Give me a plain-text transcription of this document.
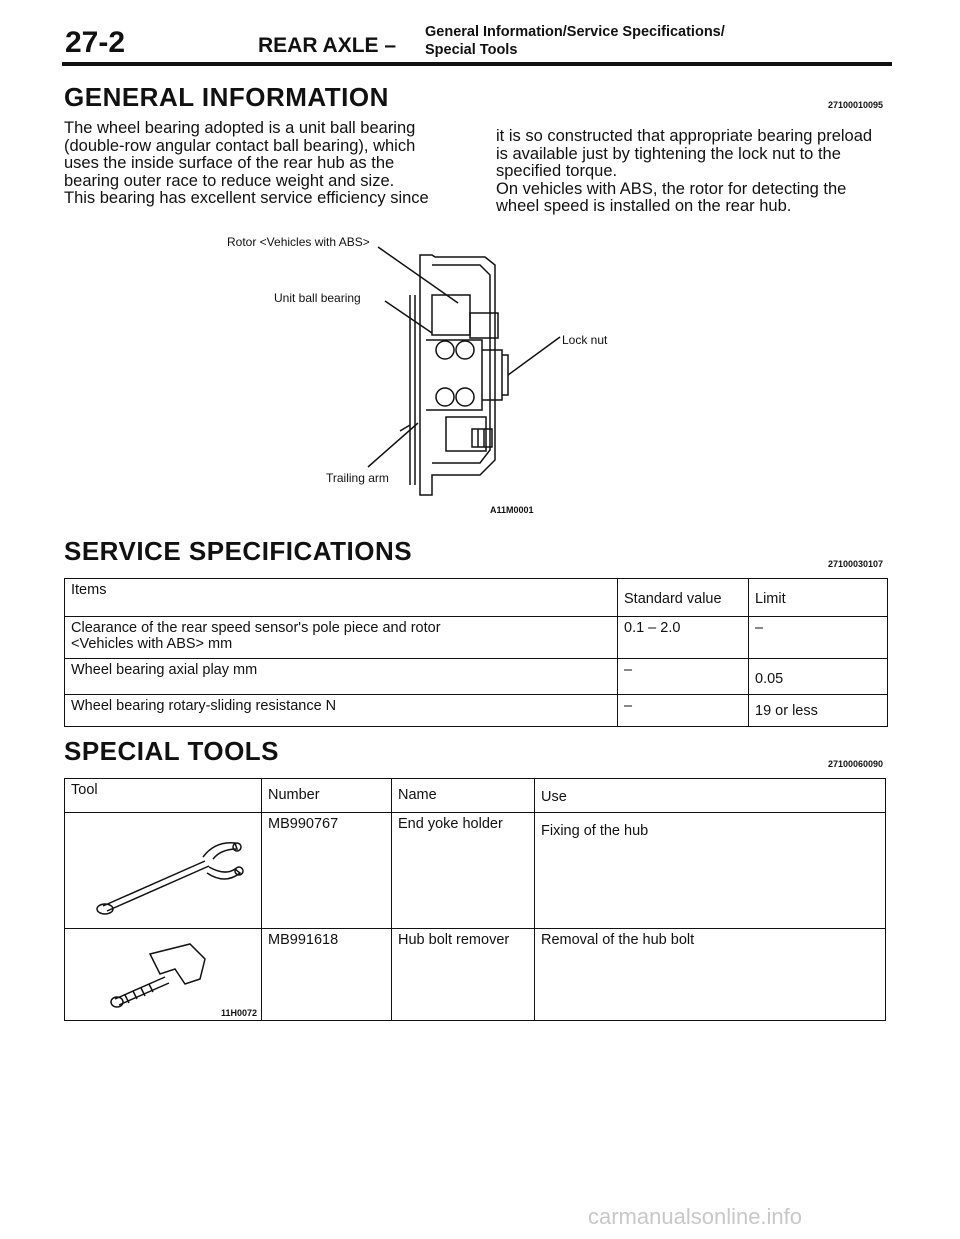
27-2	REAR AXLE –
General Information/Service Specifications/
Special Tools
GENERAL INFORMATION	27100010095
The wheel bearing adopted is a unit ball bearing
(double-row angular contact ball bearing), which
uses the inside surface of the rear hub as the
bearing outer race to reduce weight and size.
This bearing has excellent service efficiency since
it is so constructed that appropriate bearing preload
is available just by tightening the lock nut to the
specified torque.
On vehicles with ABS, the rotor for detecting the
wheel speed is installed on the rear hub.
Rotor <Vehicles with ABS>
Unit ball bearing
Lock nut
Trailing arm
A11M0001
SERVICE SPECIFICATIONS	27100030107
Items	Standard value	Limit
Clearance of the rear speed sensor's pole piece and rotor
<Vehicles with ABS> mm	0.1 – 2.0	–
Wheel bearing axial play mm	–	0.05
Wheel bearing rotary-sliding resistance N	–	19 or less
SPECIAL TOOLS	27100060090
Tool	Number	Name	Use

	MB990767	End yoke holder	Fixing of the hub

11H0072	MB991618	Hub bolt remover	Removal of the hub bolt
carmanualsonline.info
